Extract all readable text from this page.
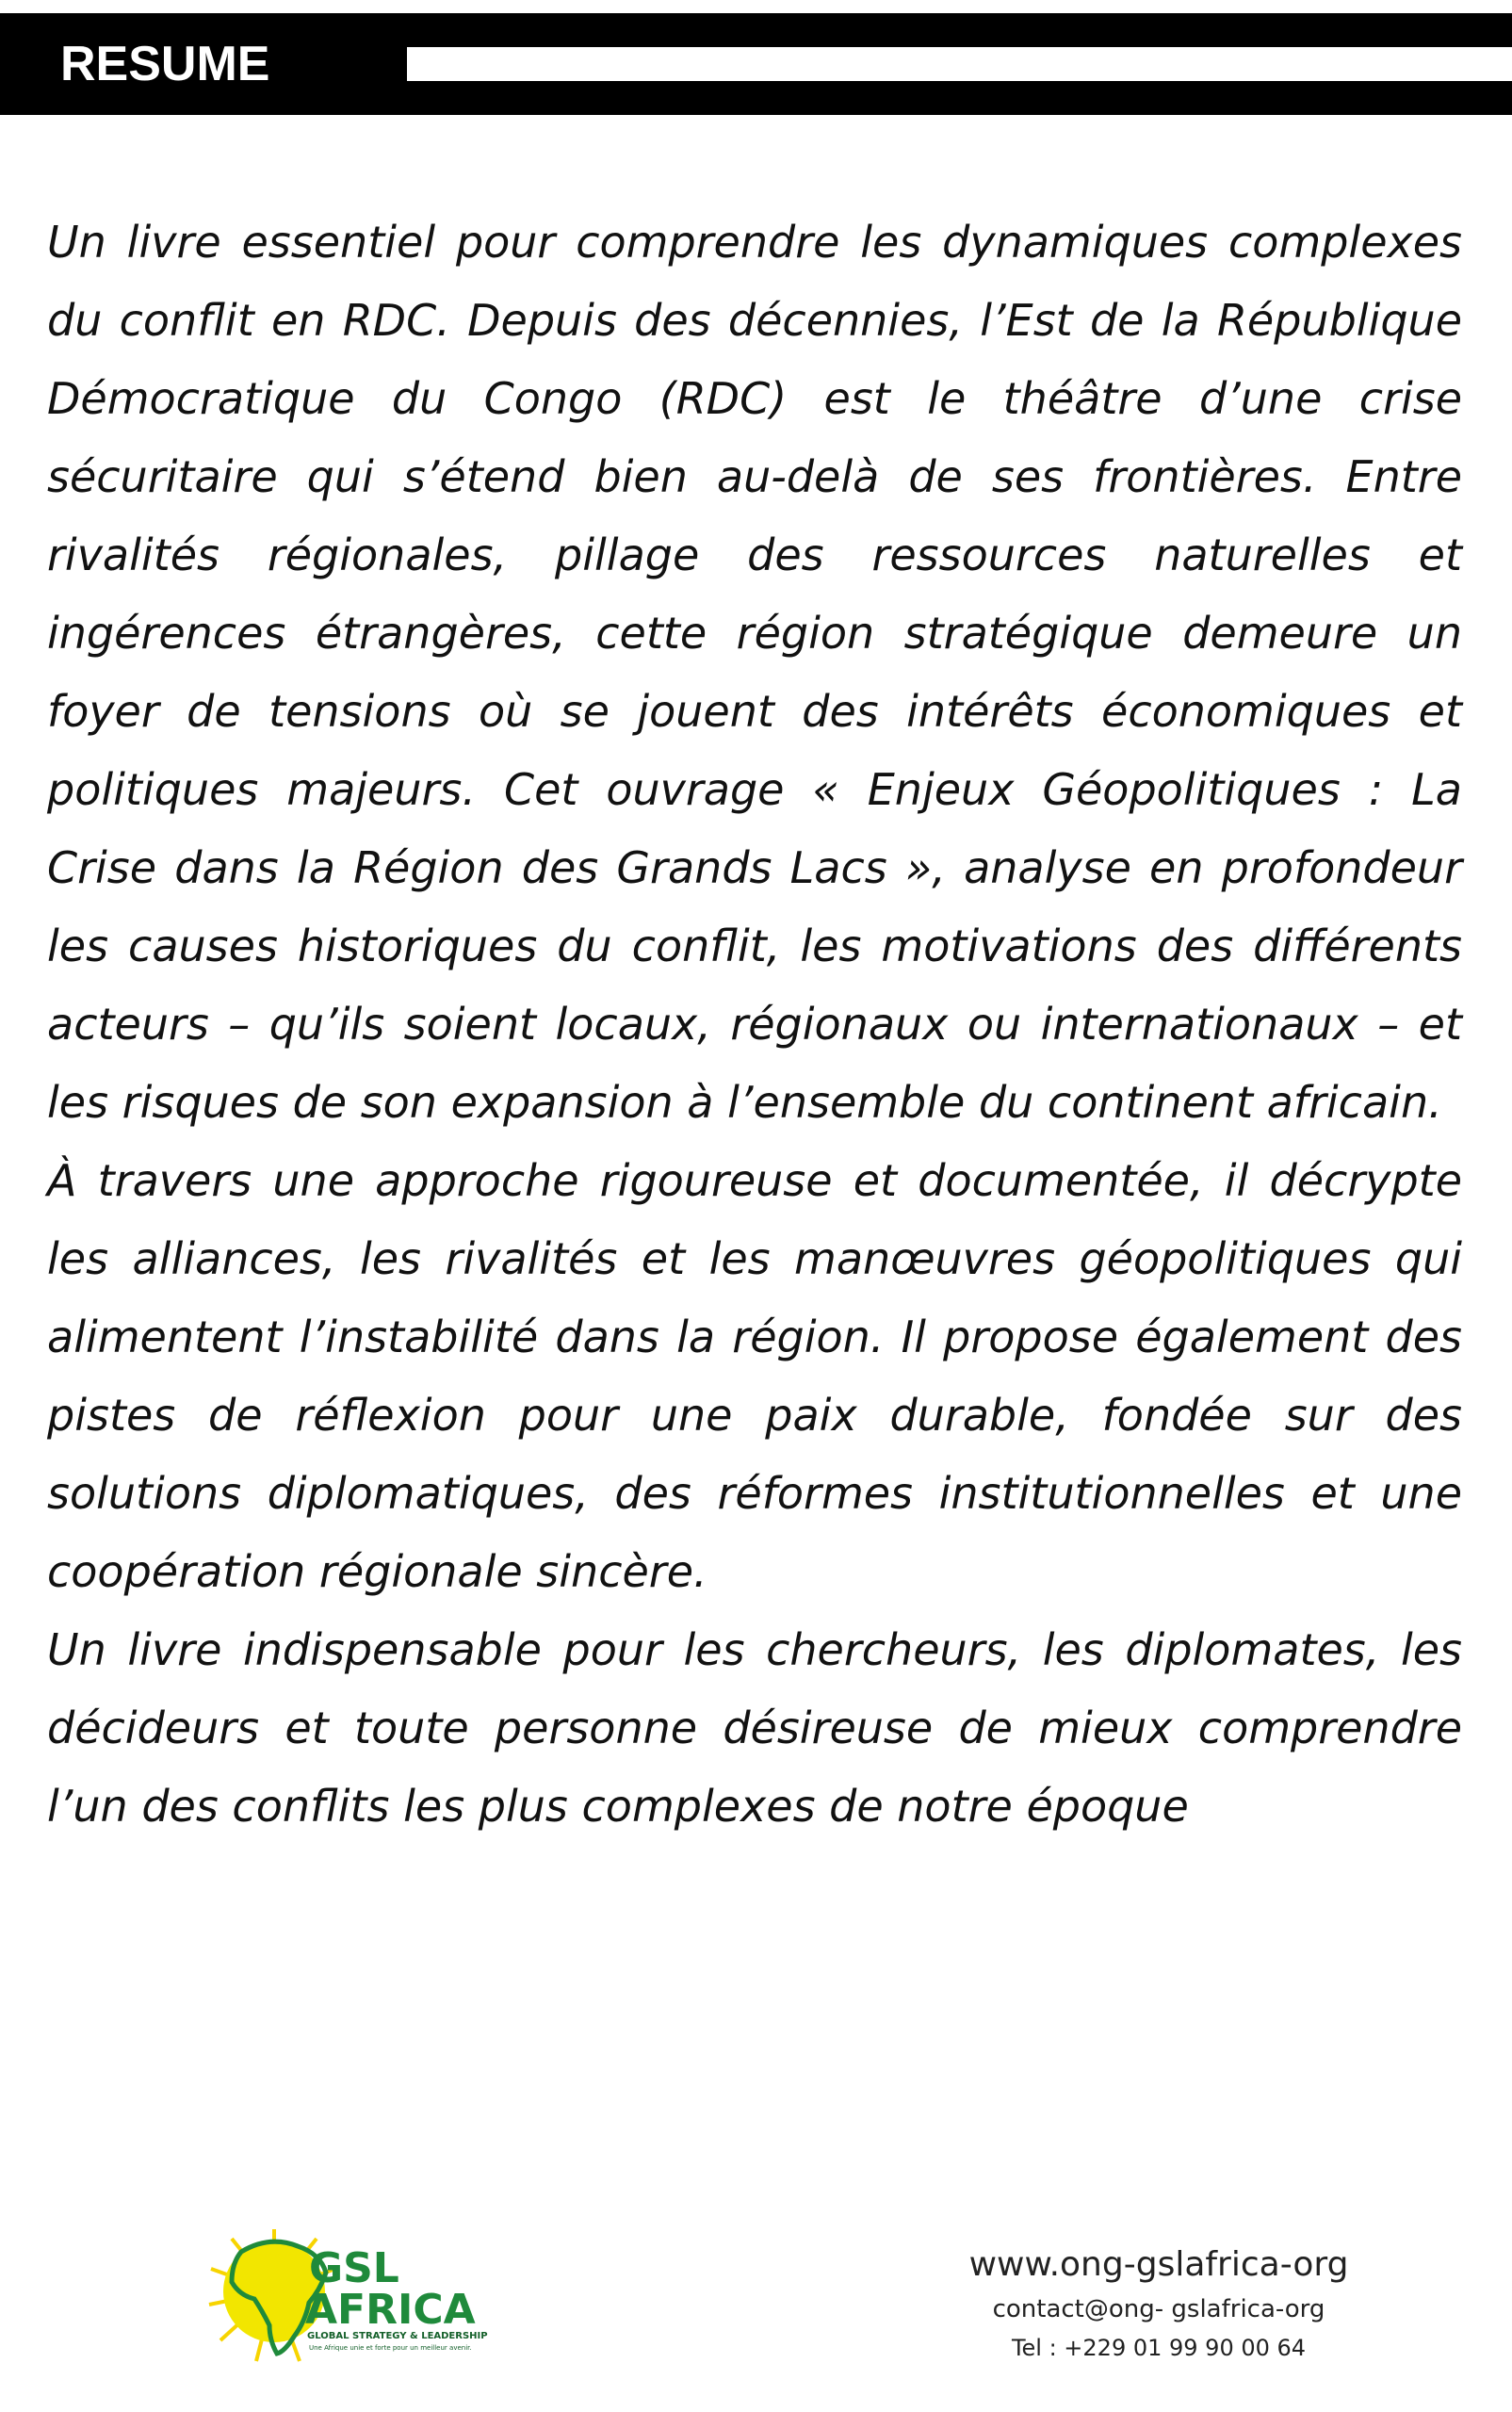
RESUME

Un livre essentiel pour comprendre les dynamiques complexes du conflit en RDC. Depuis des décennies, l’Est de la République Démocratique du Congo (RDC) est le théâtre d’une crise sécuritaire qui s’étend bien au-delà de ses frontières. Entre rivalités régionales, pillage des ressources naturelles et ingérences étrangères, cette région stratégique demeure un foyer de tensions où se jouent des intérêts économiques et politiques majeurs. Cet ouvrage « Enjeux Géopolitiques : La Crise dans la Région des Grands Lacs », analyse en profondeur les causes historiques du conflit, les motivations des différents acteurs – qu’ils soient locaux, régionaux ou internationaux – et les risques de son expansion à l’ensemble du continent africain.

À travers une approche rigoureuse et documentée, il décrypte les alliances, les rivalités et les manœuvres géopolitiques qui alimentent l’instabilité dans la région. Il propose également des pistes de réflexion pour une paix durable, fondée sur des solutions diplomatiques, des réformes institutionnelles et une coopération régionale sincère.

Un livre indispensable pour les chercheurs, les diplomates, les décideurs et toute personne désireuse de mieux comprendre l’un des conflits les plus complexes de notre époque

GSL
AFRICA
GLOBAL STRATEGY & LEADERSHIP
Une Afrique unie et forte pour un meilleur avenir.
www.ong-gslafrica-org
contact@ong- gslafrica-org
Tel : +229 01 99 90 00 64
